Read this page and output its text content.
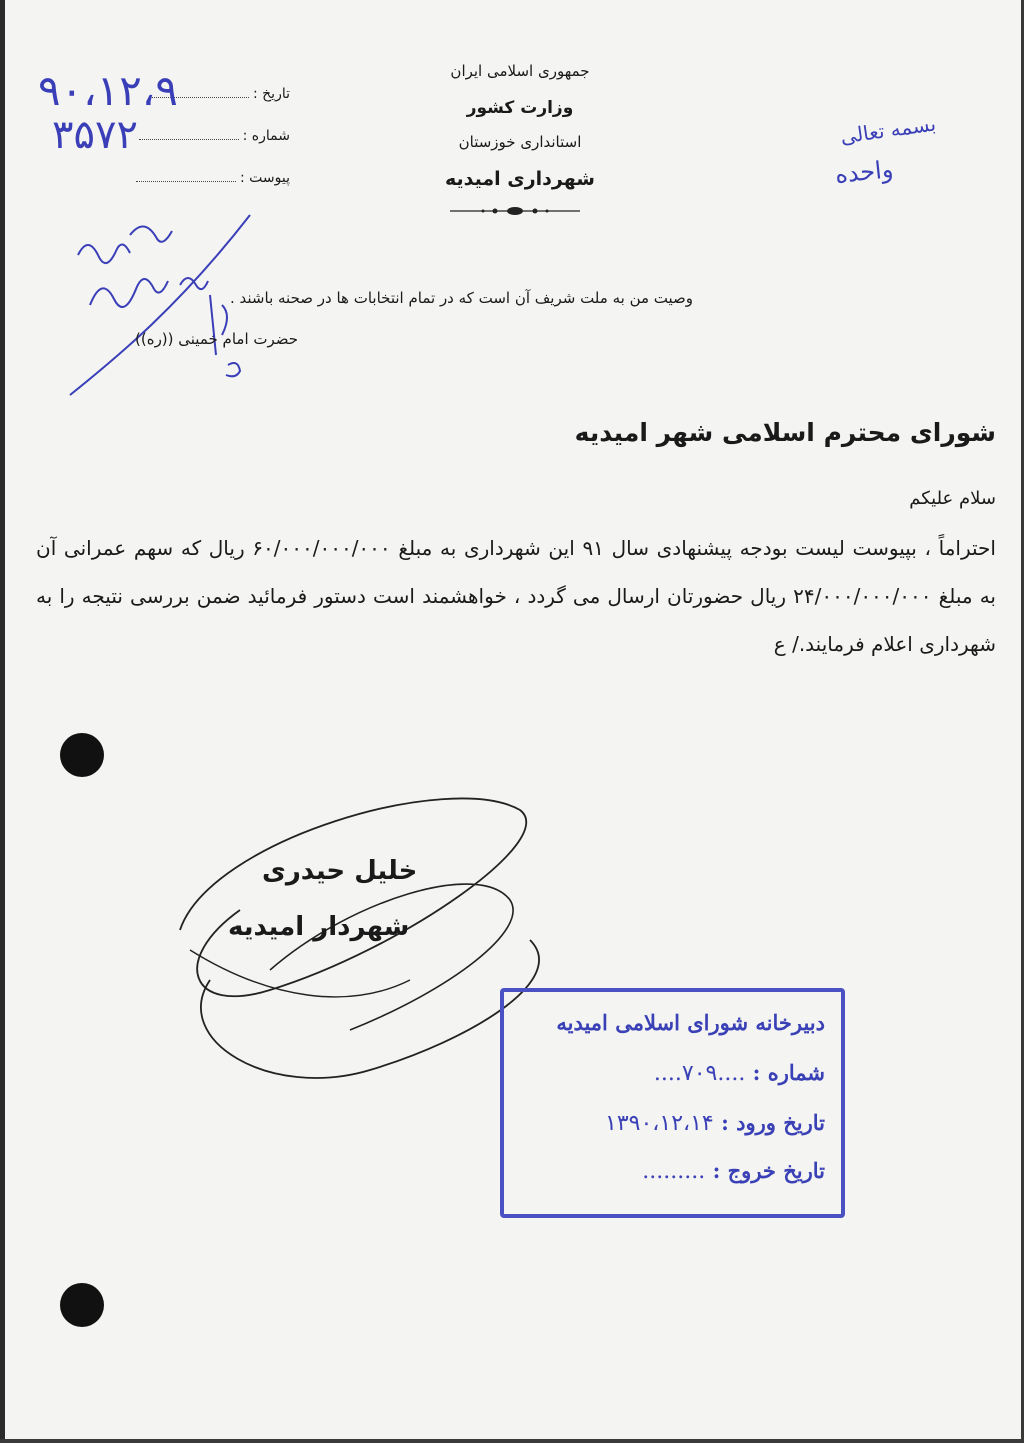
جمهوری اسلامی ایران
وزارت کشور
استانداری خوزستان
شهرداری امیدیه
تاریخ :
شماره :
پیوست :
۹۰،۱۲،۹
۳۵۷۲	بسمه تعالی
واحده
وصیت من به ملت شریف آن است که در تمام انتخابات ها در صحنه باشند .
حضرت امام خمینی ((ره))
شورای محترم اسلامی شهر امیدیه
سلام علیکم
احتراماً ، بپیوست لیست بودجه پیشنهادی سال ۹۱ این شهرداری به مبلغ ۶۰/۰۰۰/۰۰۰/۰۰۰ ریال که سهم عمرانی آن به مبلغ ۲۴/۰۰۰/۰۰۰/۰۰۰ ریال حضورتان ارسال می گردد ، خواهشمند است دستور فرمائید ضمن بررسی نتیجه را به شهرداری اعلام فرمایند./ ع
خلیل حیدری
شهردار امیدیه
دبیرخانه شورای اسلامی امیدیه
شماره : ....۷۰۹....
تاریخ ورود : ۱۳۹۰،۱۲،۱۴
تاریخ خروج : .........
